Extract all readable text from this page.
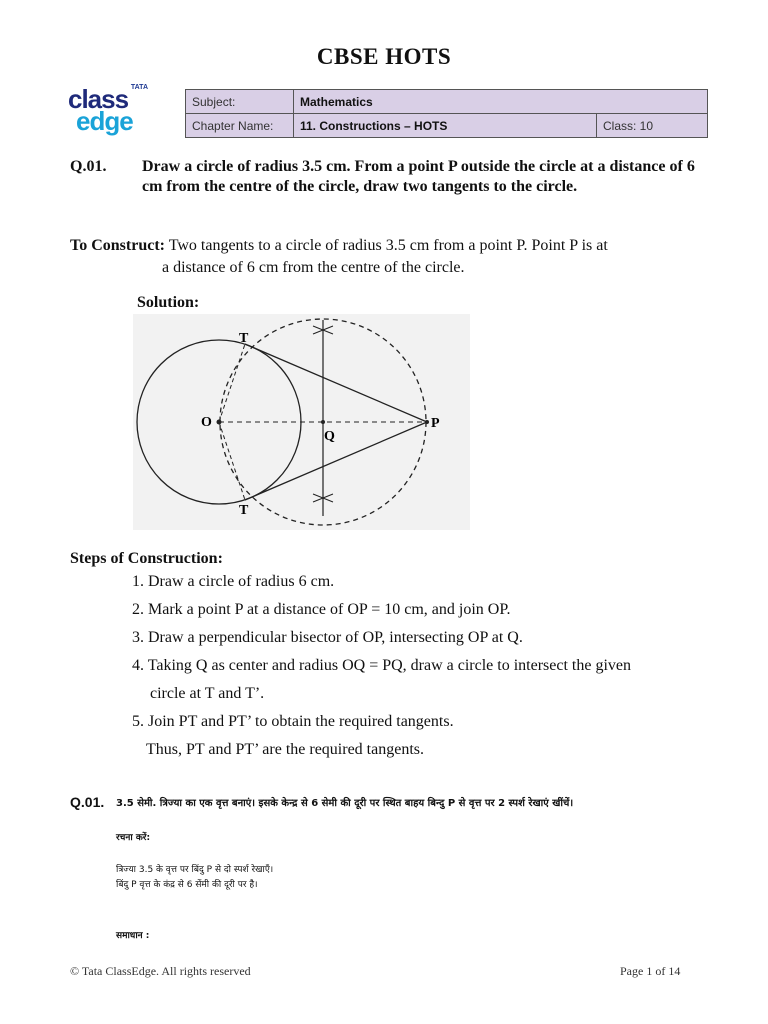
CBSE HOTS
TATA
class
edge
Subject:	Mathematics	
Chapter Name:	11. Constructions – HOTS	Class: 10
Q.01. Draw a circle of radius 3.5 cm. From a point P outside the circle at a distance of 6 cm from the centre of the circle, draw two tangents to the circle.
To Construct: Two tangents to a circle of radius 3.5 cm from a point P. Point P is at
a distance of 6 cm from the centre of the circle.
Solution:
T
T
O
Q
P
Steps of Construction:
1. Draw a circle of radius 6 cm.
2. Mark a point P at a distance of OP = 10 cm, and join OP.
3. Draw a perpendicular bisector of OP, intersecting OP at Q.
4. Taking Q as center and radius OQ = PQ, draw a circle to intersect the given
circle at T and T’.
5. Join PT and PT’ to obtain the required tangents.
Thus, PT and PT’ are the required tangents.
Q.01. 3.5 सेमी. त्रिज्या का एक वृत्त बनाएं। इसके केन्द्र से 6 सेमी की दूरी पर स्थित बाहय बिन्दु P से वृत्त पर 2 स्पर्श रेखाएं खींचें।
रचना करें:
त्रिज्या 3.5 के वृत्त पर बिंदु P से दो स्पर्श रेखाएँ।
बिंदु P वृत्त के कंद्र से 6 सेंमी की दूरी पर है।
समाधान :
© Tata ClassEdge. All rights reserved	Page 1 of 14
